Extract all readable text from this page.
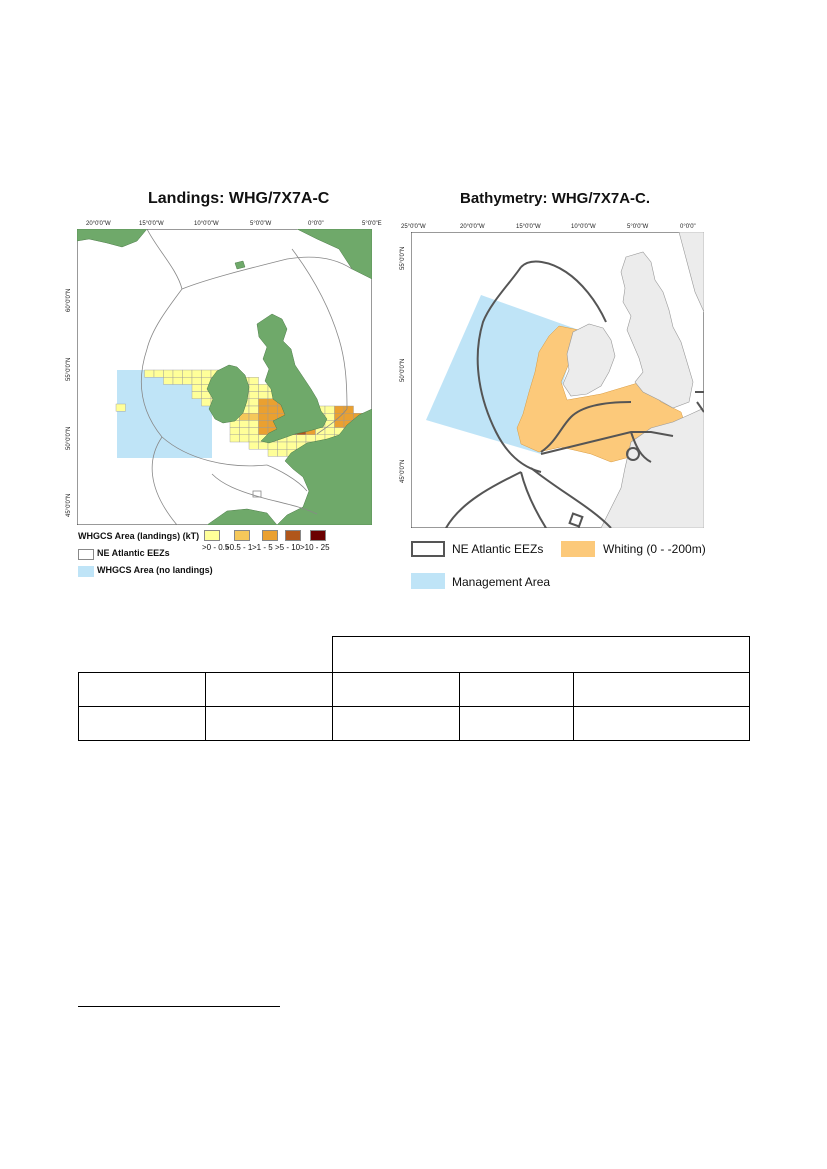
Landings: WHG/7X7A-C
20°0'0"W	15°0'0"W	10°0'0"W	5°0'0"W	0°0'0"	5°0'0"E
60°0'0"N
55°0'0"N
50°0'0"N
45°0'0"N
WHGCS Area (landings) (kT)
>0 - 0.5
>0.5 - 1 >1 - 5 >5 - 10 >10 - 25
NE Atlantic EEZs
WHGCS Area (no landings)
Bathymetry: WHG/7X7A-C.
25°0'0"W	20°0'0"W	15°0'0"W	10°0'0"W	5°0'0"W	0°0'0"
55°0'0"N
50°0'0"N
45°0'0"N
NE Atlantic EEZs	Whiting (0 - -200m)
Management Area
